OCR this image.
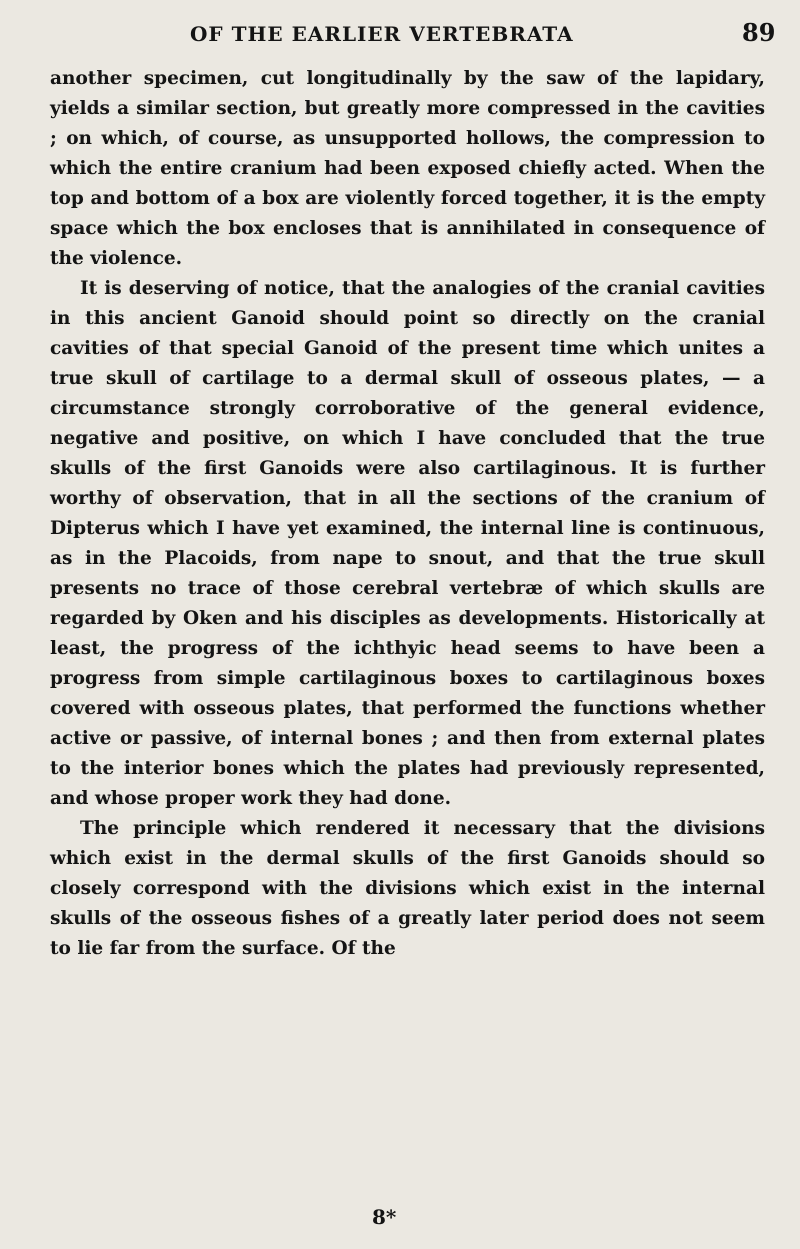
OF THE EARLIER VERTEBRATA	89

another specimen, cut longitudinally by the saw of the lapidary, yields a similar section, but greatly more compressed in the cavities ; on which, of course, as unsupported hollows, the compression to which the entire cranium had been exposed chiefly acted. When the top and bottom of a box are violently forced together, it is the empty space which the box encloses that is annihilated in consequence of the violence.

It is deserving of notice, that the analogies of the cranial cavities in this ancient Ganoid should point so directly on the cranial cavities of that special Ganoid of the present time which unites a true skull of cartilage to a dermal skull of osseous plates, — a circumstance strongly corroborative of the general evidence, negative and positive, on which I have concluded that the true skulls of the first Ganoids were also cartilaginous. It is further worthy of observation, that in all the sections of the cranium of Dipterus which I have yet examined, the internal line is continuous, as in the Placoids, from nape to snout, and that the true skull presents no trace of those cerebral vertebræ of which skulls are regarded by Oken and his disciples as developments. Historically at least, the progress of the ichthyic head seems to have been a progress from simple cartilaginous boxes to cartilaginous boxes covered with osseous plates, that performed the functions whether active or passive, of internal bones ; and then from external plates to the interior bones which the plates had previously represented, and whose proper work they had done.

The principle which rendered it necessary that the divisions which exist in the dermal skulls of the first Ganoids should so closely correspond with the divisions which exist in the internal skulls of the osseous fishes of a greatly later period does not seem to lie far from the surface. Of the

8*
